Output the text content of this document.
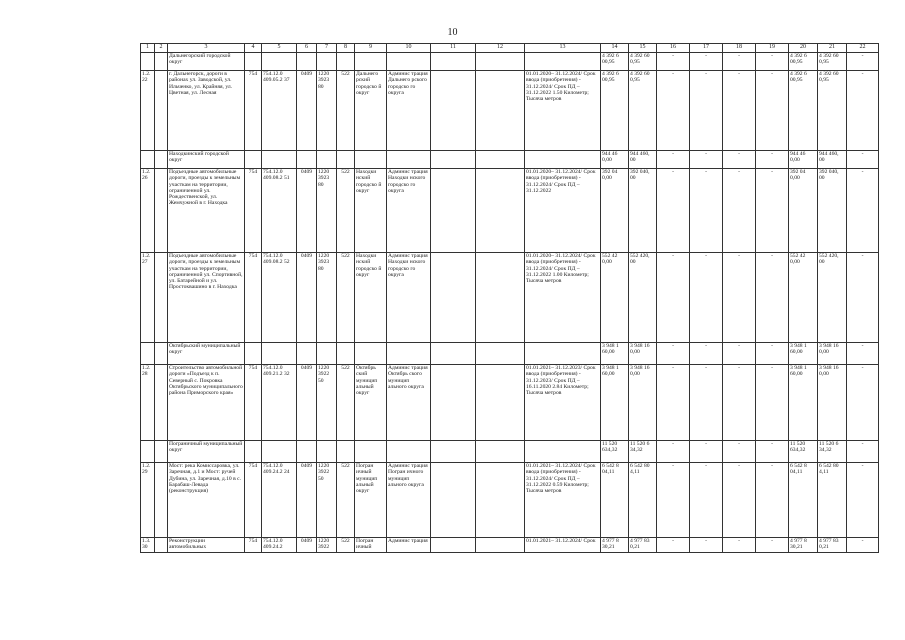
10
1	2	3	4	5	6	7	8	9	10	11	12	13	14	15	16	17	18	19	20	21	22
		Дальнегорский городской округ											4 392 6 00,95	4 392 60 0,95	-	-	-	-	4 392 6 00,95	4 392 60 0,95	-
1.2. 22		г. Дальнегорск, дороги в районах ул. Заводской, ул. Ильченко, ул. Крайняя, ул. Цветная, ул. Лесная	754	754.12.0 409.05.2 37	0409	1220 3923 80	522	Дальнего рский городско й округ	Админис трация Дальнего рского городско го округа			01.01.2020– 31.12.2024/ Срок ввода (приобретения) - 31.12.2024/ Срок ПД – 31.12.2022 1.50 Километр; Тысяча метров	4 392 6 00,95	4 392 60 0,95	-	-	-	-	4 392 6 00,95	4 392 60 0,95	-
		Находкинский городской округ											944 46 0,00	944 460, 00	-	-	-	-	944 46 0,00	944 460, 00	-
1.2. 26		Подъездные автомобильные дороги, проезды к земельным участкам на территории, ограниченной ул. Рождественской, ул. Жемчужной в г. Находка	754	754.12.0 409.08.2 51	0409	1220 3923 80	522	Находки нский городско й округ	Админис трация Находки нского городско го округа			01.01.2020– 31.12.2024/ Срок ввода (приобретения) - 31.12.2024/ Срок ПД – 31.12.2022	392 04 0,00	392 040, 00	-	-	-	-	392 04 0,00	392 040, 00	-
1.2. 27		Подъездные автомобильные дороги, проезды к земельным участкам на территории, ограниченной ул. Спортивной, ул. Батарейной и ул. Простоквашино в г. Находка	754	754.12.0 409.08.2 52	0409	1220 3923 80	522	Находки нский городско й округ	Админис трация Находки нского городско го округа			01.01.2020– 31.12.2024/ Срок ввода (приобретения) - 31.12.2024/ Срок ПД – 31.12.2022 1.00 Километр; Тысяча метров	552 42 0,00	552 420, 00	-	-	-	-	552 42 0,00	552 420, 00	-
		Октябрьский муниципальный округ											3 948 1 60,00	3 948 16 0,00	-	-	-	-	3 948 1 60,00	3 948 16 0,00	-
1.2. 28		Строительство автомобильной дороги «Подъезд к п. Северный с. Покровка Октябрьского муниципального района Приморского края»	754	754.12.0 409.21.2 32	0409	1220 3922 50	522	Октябрь ский муницип альный округ	Админис трация Октябрь ского муницип ального округа			01.01.2021– 31.12.2023/ Срок ввода (приобретения) - 31.12.2023/ Срок ПД – 16.11.2020 2.84 Километр; Тысяча метров	3 948 1 60,00	3 948 16 0,00	-	-	-	-	3 948 1 60,00	3 948 16 0,00	-
		Пограничный муниципальный округ											11 520 634,32	11 520 6 34,32	-	-	-	-	11 520 634,32	11 520 6 34,32	-
1.2. 29		Мост: река Комиссаровка, ул. Заречная, д.1 и Мост: ручей Дубина, ул. Заречная, д.10 в с. Барабаш-Левада (реконструкция)	754	754.12.0 409.24.2 24	0409	1220 3922 50	522	Погран ичный муницип альный округ	Админис трация Погран ичного муницип ального округа			01.01.2021– 31.12.2024/ Срок ввода (приобретения) - 31.12.2024/ Срок ПД – 31.12.2022 0.59 Километр; Тысяча метров	6 542 8 04,11	6 542 80 4,11	-	-	-	-	6 542 8 04,11	6 542 80 4,11	-
1.3. 30		Реконструкции автомобильных	754	754.12.0 409.24.2	0409	1220 3922	522	Погран ичный	Админис трация			01.01.2021– 31.12.2024/ Срок	4 977 8 30,21	4 977 83 0,21	-	-	-	-	4 977 8 30,21	4 977 83 0,21	-
